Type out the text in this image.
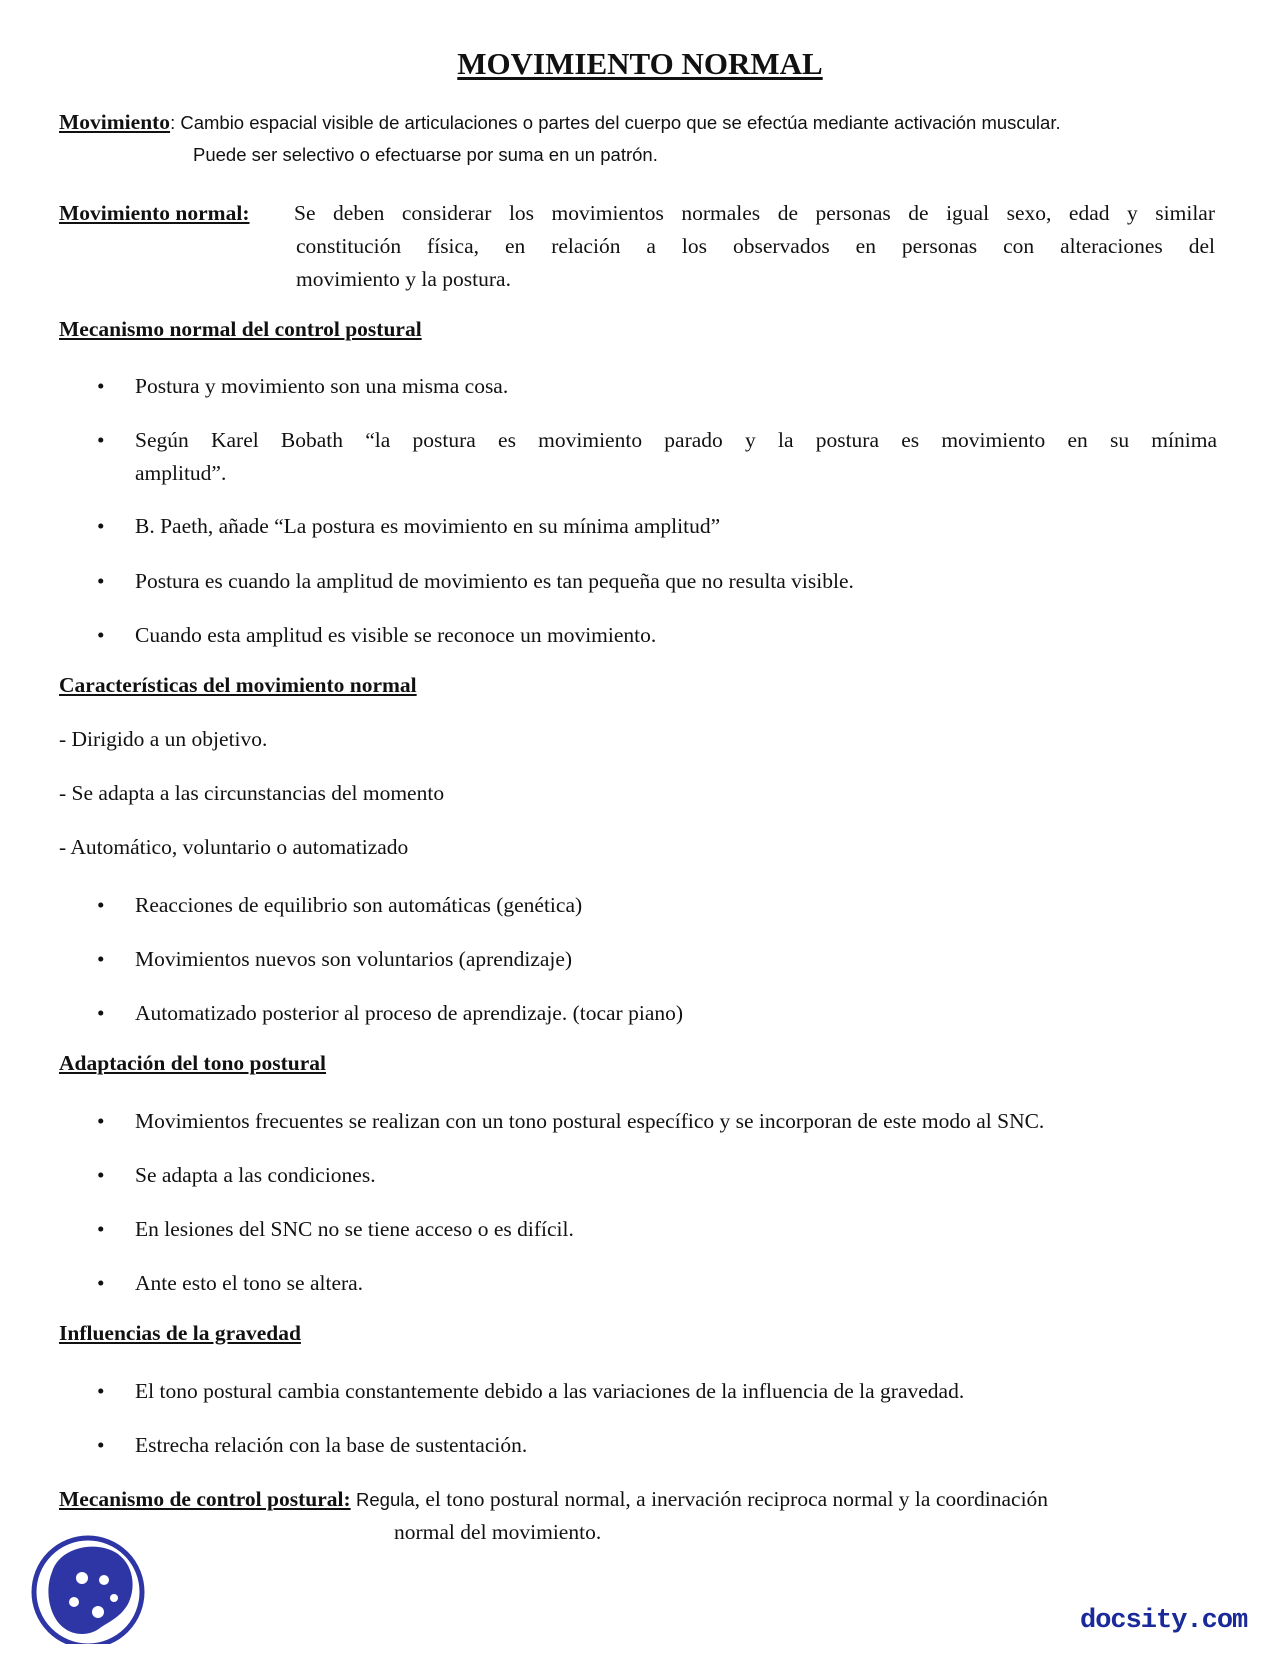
MOVIMIENTO NORMAL
Movimiento: Cambio espacial visible de articulaciones o partes del cuerpo que se efectúa mediante activación muscular.
Puede ser selectivo o efectuarse por suma en un patrón.
Movimiento normal:	Se deben considerar los movimientos normales de personas de igual sexo, edad y similar
constitución física, en relación a los observados en personas con alteraciones del
movimiento y la postura.
Mecanismo normal del control postural
• Postura y movimiento son una misma cosa.
• Según Karel Bobath “la postura es movimiento parado y la postura es movimiento en su mínima
amplitud”.
• B. Paeth, añade “La postura es movimiento en su mínima amplitud”
• Postura es cuando la amplitud de movimiento es tan pequeña que no resulta visible.
• Cuando esta amplitud es visible se reconoce un movimiento.
Características del movimiento normal
- Dirigido a un objetivo.
- Se adapta a las circunstancias del momento
- Automático, voluntario o automatizado
• Reacciones de equilibrio son automáticas (genética)
• Movimientos nuevos son voluntarios (aprendizaje)
• Automatizado posterior al proceso de aprendizaje. (tocar piano)
Adaptación del tono postural
• Movimientos frecuentes se realizan con un tono postural específico y se incorporan de este modo al SNC.
• Se adapta a las condiciones.
• En lesiones del SNC no se tiene acceso o es difícil.
• Ante esto el tono se altera.
Influencias de la gravedad
• El tono postural cambia constantemente debido a las variaciones de la influencia de la gravedad.
• Estrecha relación con la base de sustentación.
Mecanismo de control postural: Regula, el tono postural normal, a inervación reciproca normal y la coordinación
normal del movimiento.
docsity.com
